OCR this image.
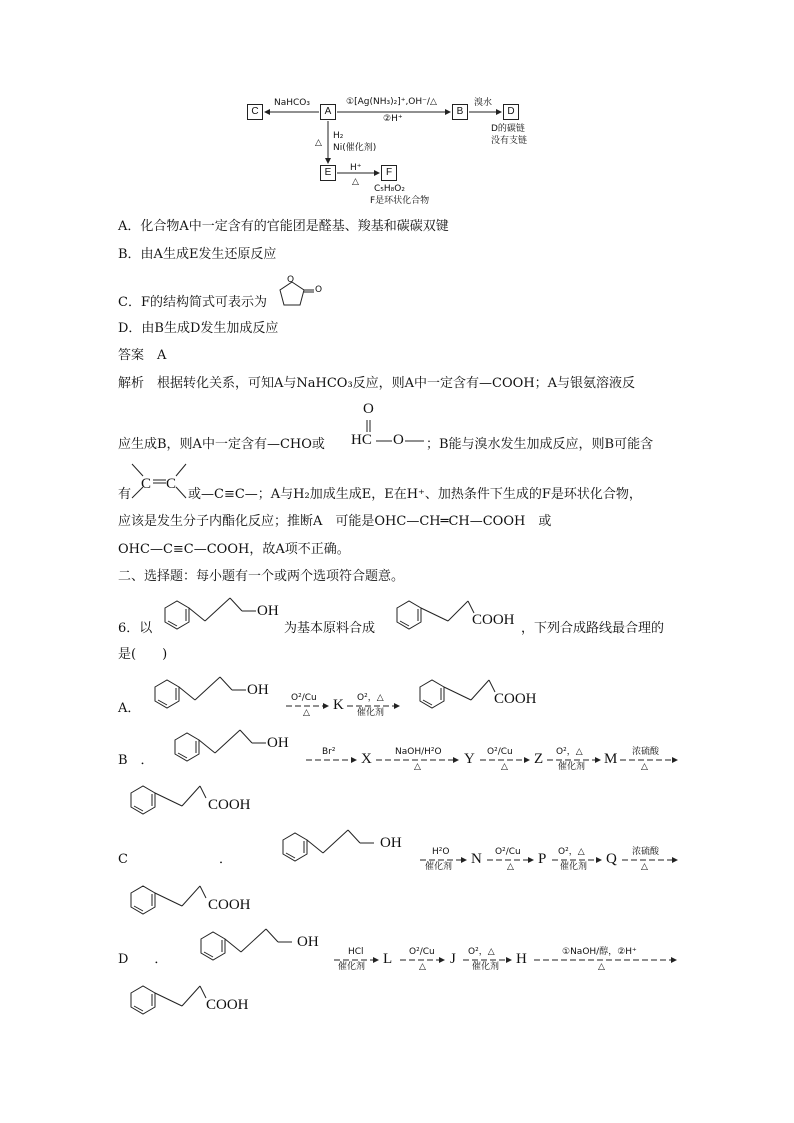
C	A	B	D
E	F
NaHCO₃	①[Ag(NH₃)₂]⁺,OH⁻/△
②H⁺
溴水
D的碳链
没有支链
H₂
Ni(催化剂)
△
H⁺
△
C₅H₈O₂
F是环状化合物
A．化合物A中一定含有的官能团是醛基、羧基和碳碳双键
B．由A生成E发生还原反应
C．F的结构简式可表示为
O
O
D．由B生成D发生加成反应
答案　A
解析　根据转化关系，可知A与NaHCO₃反应，则A中一定含有—COOH；A与银氨溶液反
应生成B，则A中一定含有—CHO或 HC
O
O ；B能与溴水发生加成反应，则B可能含
有
C C
或—C≡C—；A与H₂加成生成E，E在H⁺、加热条件下生成的F是环状化合物，
应该是发生分子内酯化反应；推断A　可能是OHC—CH═CH—COOH　或
OHC—C≡C—COOH，故A项不正确。
二、选择题：每小题有一个或两个选项符合题意。
6．以
OH
为基本原料合成
COOH
，下列合成路线最合理的
是(　　)
A．
OH O²/Cu
△ K O²，△
催化剂
COOH
B　．
OH
Br² X	NaOH/H²O
△	Y O²/Cu
△ Z O²，△
催化剂 M 浓硫酸
△
COOH
C　　　　　　　．
OH
H²O
催化剂 N O²/Cu
△ P O²，△
催化剂 Q 浓硫酸
△
COOH
D　　．
OH
HCl
催化剂 L O²/Cu
△ J O²，△
催化剂 H	①NaOH/醇，②H⁺
△
COOH
